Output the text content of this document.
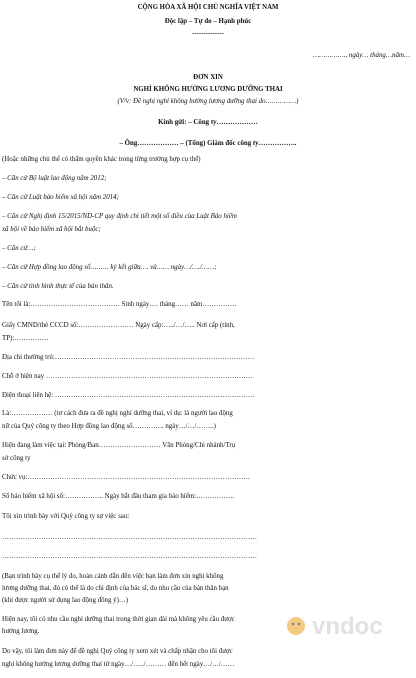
CỘNG HÒA XÃ HỘI CHỦ NGHĨA VIỆT NAM
Độc lập – Tự do – Hạnh phúc
--------------
……………., ngày… tháng…năm…
ĐƠN XIN
NGHỈ KHÔNG HƯỞNG LƯƠNG DƯỠNG THAI
(V/v: Đề nghị nghỉ không hưởng lương dưỡng thai do……………)
Kính gửi: – Công ty………………
– Ông……………… – (Tổng) Giám đốc công ty……………..
(Hoặc những chủ thể có thẩm quyền khác trong từng trường hợp cụ thể)
– Căn cứ Bộ luật lao động năm 2012;
– Căn cứ Luật bảo hiểm xã hội năm 2014;
– Căn cứ Nghị định 15/2015/ND-CP quy định chi tiết một số điều của Luật Bảo hiểm
xã hội về bảo hiểm xã hội bắt buộc;
– Căn cứ…;
– Căn cứ Hợp đồng lao động số……… ký kết giữa…. và…… ngày…/…./……;
– Căn cứ tình hình thực tế của bản thân.
Tên tôi là:………………………………… Sinh ngày…. tháng…… năm……………
Giấy CMND/thẻ CCCD số:…………………… Ngày cấp:…../…/….. Nơi cấp (tỉnh,
TP):……………
Địa chỉ thường trú:……………………………………………………………………………
Chỗ ở hiện nay ………………………………………………………………………………
Điện thoại liên hệ: ……………………………………………………………………………
Là:……………… (tư cách đưa ra đề nghị nghỉ dưỡng thai, ví dụ: là người lao động
nữ của Quý công ty theo Hợp đồng lao động số………….. ngày…/…/……..)
Hiện đang làm việc tại: Phòng/Ban……………………… Văn Phòng/Chi nhánh/Trụ
sở công ty
Chức vụ:…………………………………………………………………………………….
Sổ bảo hiểm xã hội số:…………….. Ngày bắt đầu tham gia bảo hiểm:……………..
Tôi xin trình bày với Quý công ty sự việc sau:
…………………………………………………………………………………………………
…………………………………………………………………………………………………
(Bạn trình bày cụ thể lý do, hoàn cảnh dẫn đến việc bạn làm đơn xin nghỉ không
lương dưỡng thai, đó có thể là do chỉ định của bác sĩ, do nhu cầu của bản thân bạn
(khi được người sử dụng lao động đồng ý)…)
Hiện nay, tôi có nhu cầu nghỉ dưỡng thai trong thời gian dài mà không yêu cầu được
hưởng lương.
Do vậy, tôi làm đơn này để đề nghị Quý công ty xem xét và chấp nhận cho tôi được
nghỉ không hưởng lương dưỡng thai từ ngày…/…../……… đến hết ngày…/…/……
vndoc
